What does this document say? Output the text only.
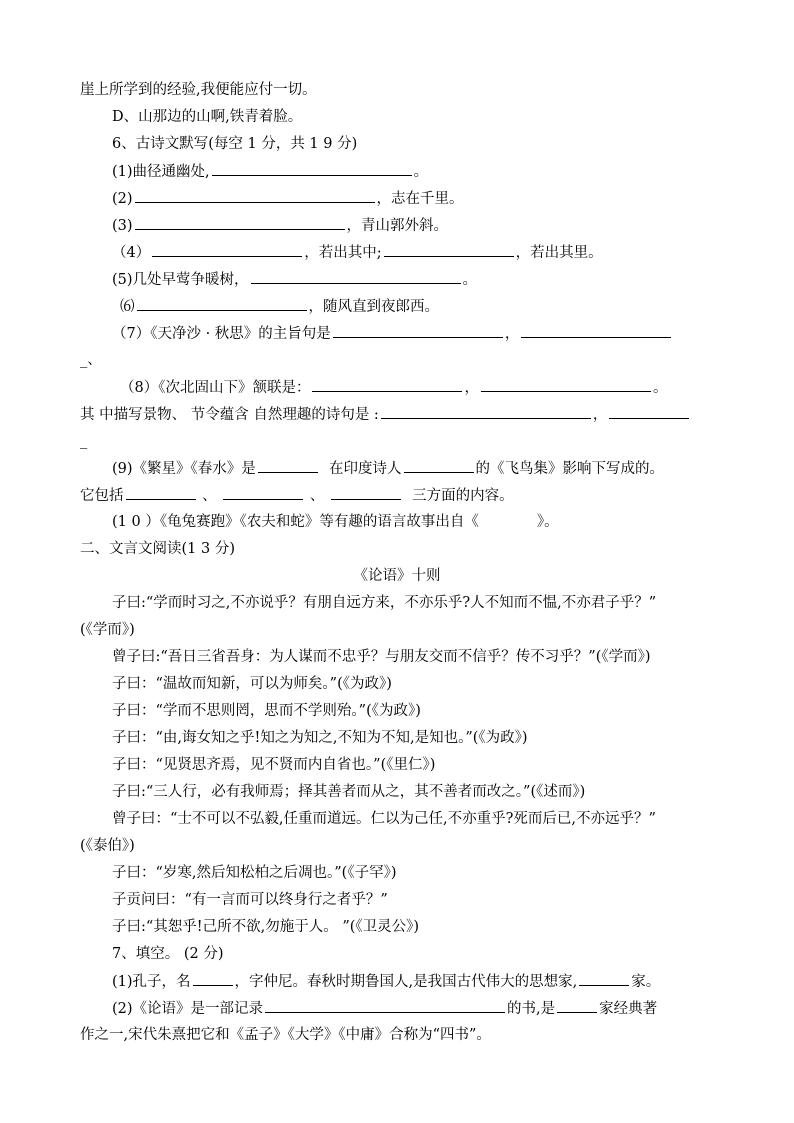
崖上所学到的经验,我便能应付一切。
D、山那边的山啊,铁青着脸。
6、古诗文默写(每空 1 分，共 1 9 分)
(1)曲径通幽处,	。
(2)	，志在千里。
(3)	，青山郭外斜。
（4）	，若出其中;	，若出其里。
(5)几处早莺争暖树，	。
⑹	，随风直到夜郎西。
（7）《天净沙 · 秋思》的主旨句是	，
_、
（8）《次北固山下》颔联是：	，	。
其 中描写景物、 节令蕴含 自然理趣的诗句是 :	，
_
(9)《繁星》《春水》是	在印度诗人	的《飞鸟集》影响下写成的。
它包括	、	、	三方面的内容。
(1 0 ）《龟兔赛跑》《农夫和蛇》等有趣的语言故事出自《	》。
二、文言文阅读(1 3 分)
《论语》十则
子曰:“学而时习之,不亦说乎？有朋自远方来，不亦乐乎?人不知而不愠,不亦君子乎？”
(《学而》)
曾子曰:“吾日三省吾身：为人谋而不忠乎？与朋友交而不信乎？传不习乎？”(《学而》)
子曰：“温故而知新，可以为师矣。”(《为政》)
子曰：“学而不思则罔，思而不学则殆。”(《为政》)
子曰：“由,诲女知之乎!知之为知之,不知为不知,是知也。”(《为政》)
子曰：“见贤思齐焉，见不贤而内自省也。”(《里仁》)
子曰:“三人行，必有我师焉；择其善者而从之，其不善者而改之。”(《述而》)
曾子曰：“士不可以不弘毅,任重而道远。仁以为己任,不亦重乎?死而后已,不亦远乎？”
(《泰伯》)
子曰：“岁寒,然后知松柏之后凋也。”(《子罕》)
子贡问曰：“有一言而可以终身行之者乎？”
子曰:“其恕乎!己所不欲,勿施于人。 ”(《卫灵公》)
7、填空。 (2 分)
(1)孔子，名	，字仲尼。春秋时期鲁国人,是我国古代伟大的思想家,	家。
(2)《论语》是一部记录	的书,是	家经典著
作之一,宋代朱熹把它和《孟子》《大学》《中庸》合称为“四书”。
